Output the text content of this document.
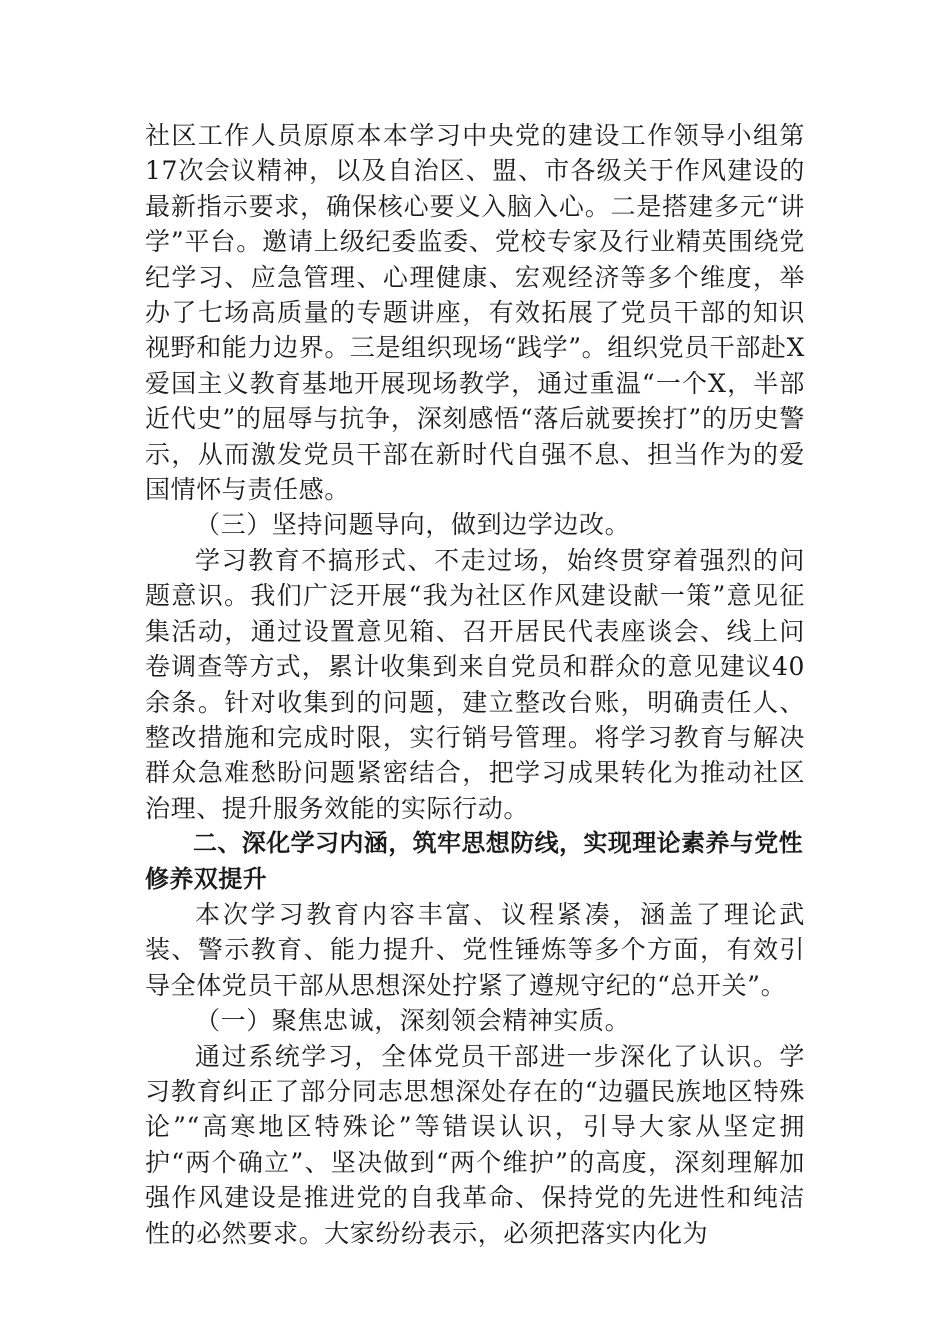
社区工作人员原原本本学习中央党的建设工作领导小组第17次会议精神，以及自治区、盟、市各级关于作风建设的最新指示要求，确保核心要义入脑入心。二是搭建多元“讲学”平台。邀请上级纪委监委、党校专家及行业精英围绕党纪学习、应急管理、心理健康、宏观经济等多个维度，举办了七场高质量的专题讲座，有效拓展了党员干部的知识视野和能力边界。三是组织现场“践学”。组织党员干部赴X爱国主义教育基地开展现场教学，通过重温“一个X，半部近代史”的屈辱与抗争，深刻感悟“落后就要挨打”的历史警示，从而激发党员干部在新时代自强不息、担当作为的爱国情怀与责任感。

（三）坚持问题导向，做到边学边改。

学习教育不搞形式、不走过场，始终贯穿着强烈的问题意识。我们广泛开展“我为社区作风建设献一策”意见征集活动，通过设置意见箱、召开居民代表座谈会、线上问卷调查等方式，累计收集到来自党员和群众的意见建议40余条。针对收集到的问题，建立整改台账，明确责任人、整改措施和完成时限，实行销号管理。将学习教育与解决群众急难愁盼问题紧密结合，把学习成果转化为推动社区治理、提升服务效能的实际行动。

二、深化学习内涵，筑牢思想防线，实现理论素养与党性修养双提升

本次学习教育内容丰富、议程紧凑，涵盖了理论武装、警示教育、能力提升、党性锤炼等多个方面，有效引导全体党员干部从思想深处拧紧了遵规守纪的“总开关”。

（一）聚焦忠诚，深刻领会精神实质。

通过系统学习，全体党员干部进一步深化了认识。学习教育纠正了部分同志思想深处存在的“边疆民族地区特殊论”“高寒地区特殊论”等错误认识，引导大家从坚定拥护“两个确立”、坚决做到“两个维护”的高度，深刻理解加强作风建设是推进党的自我革命、保持党的先进性和纯洁性的必然要求。大家纷纷表示，必须把落实内化为
